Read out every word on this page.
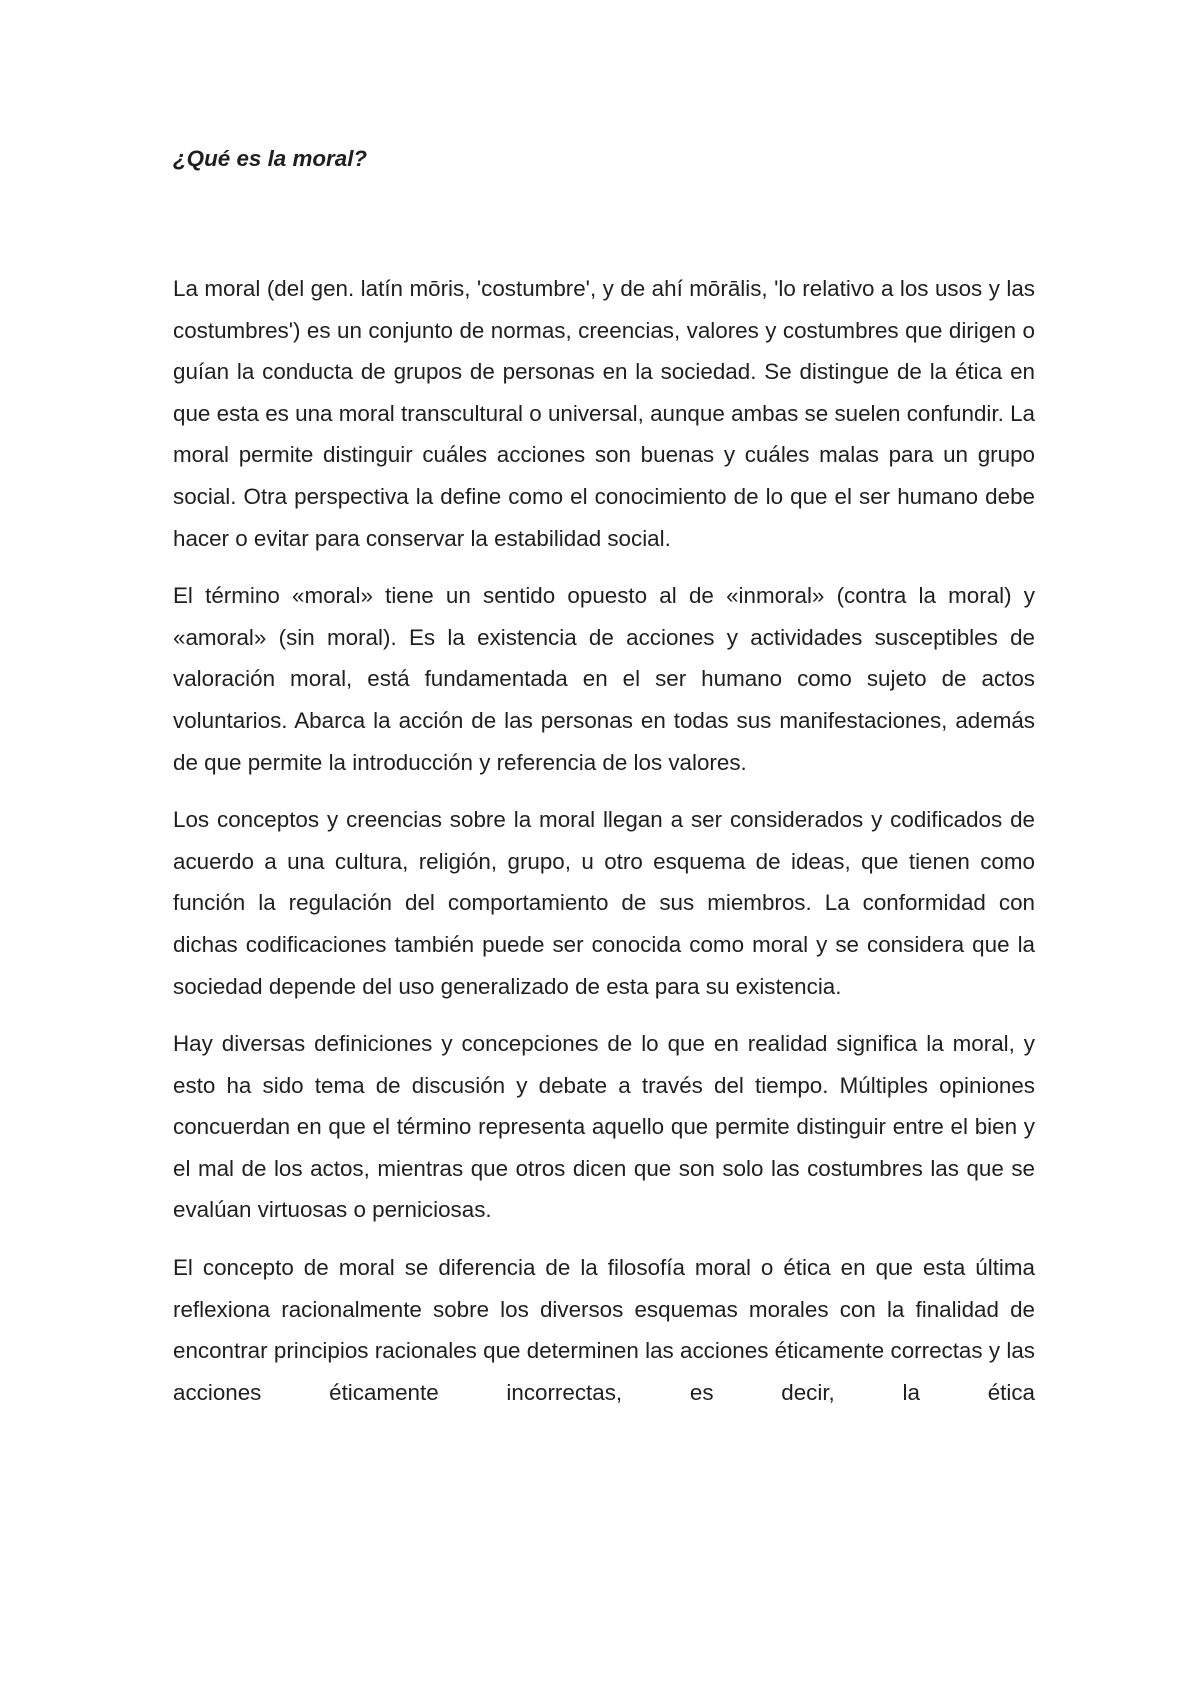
¿Qué es la moral?

La moral (del gen. latín mōris, 'costumbre', y de ahí mōrālis, 'lo relativo a los usos y las costumbres') es un conjunto de normas, creencias, valores y costumbres que dirigen o guían la conducta de grupos de personas en la sociedad. Se distingue de la ética en que esta es una moral transcultural o universal, aunque ambas se suelen confundir. La moral permite distinguir cuáles acciones son buenas y cuáles malas para un grupo social. Otra perspectiva la define como el conocimiento de lo que el ser humano debe hacer o evitar para conservar la estabilidad social.

El término «moral» tiene un sentido opuesto al de «inmoral» (contra la moral) y «amoral» (sin moral). Es la existencia de acciones y actividades susceptibles de valoración moral, está fundamentada en el ser humano como sujeto de actos voluntarios. Abarca la acción de las personas en todas sus manifestaciones, además de que permite la introducción y referencia de los valores.

Los conceptos y creencias sobre la moral llegan a ser considerados y codificados de acuerdo a una cultura, religión, grupo, u otro esquema de ideas, que tienen como función la regulación del comportamiento de sus miembros. La conformidad con dichas codificaciones también puede ser conocida como moral y se considera que la sociedad depende del uso generalizado de esta para su existencia.

Hay diversas definiciones y concepciones de lo que en realidad significa la moral, y esto ha sido tema de discusión y debate a través del tiempo. Múltiples opiniones concuerdan en que el término representa aquello que permite distinguir entre el bien y el mal de los actos, mientras que otros dicen que son solo las costumbres las que se evalúan virtuosas o perniciosas.

El concepto de moral se diferencia de la filosofía moral o ética en que esta última reflexiona racionalmente sobre los diversos esquemas morales con la finalidad de encontrar principios racionales que determinen las acciones éticamente correctas y las acciones éticamente incorrectas, es decir, la ética
